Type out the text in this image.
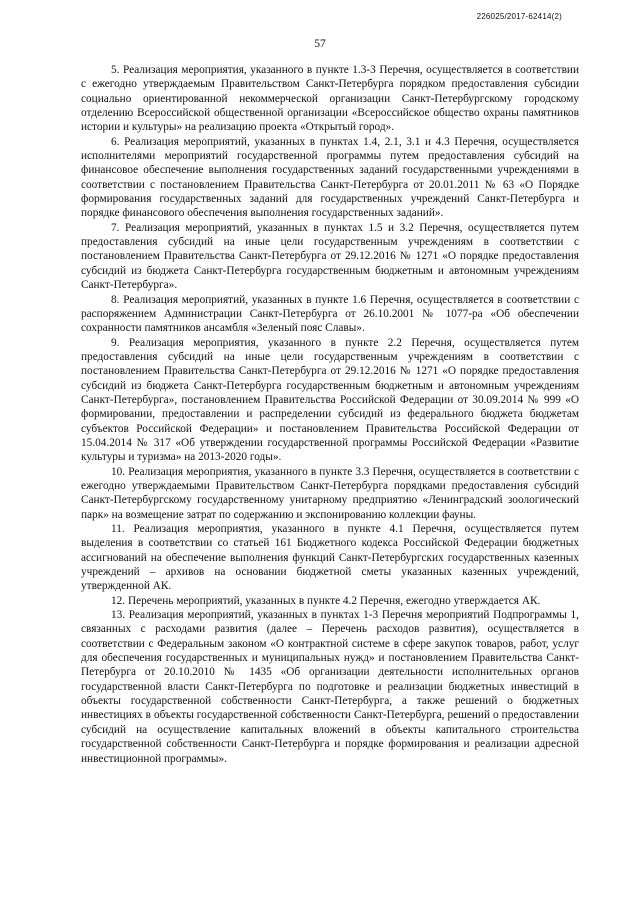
226025/2017-62414(2)
57

5. Реализация мероприятия, указанного в пункте 1.3-3 Перечня, осуществляется в соответствии с ежегодно утверждаемым Правительством Санкт-Петербурга порядком предоставления субсидии социально ориентированной некоммерческой организации Санкт-Петербургскому городскому отделению Всероссийской общественной организации «Всероссийское общество охраны памятников истории и культуры» на реализацию проекта «Открытый город».

6. Реализация мероприятий, указанных в пунктах 1.4, 2.1, 3.1 и 4.3 Перечня, осуществляется исполнителями мероприятий государственной программы путем предоставления субсидий на финансовое обеспечение выполнения государственных заданий государственными учреждениями в соответствии с постановлением Правительства Санкт-Петербурга от 20.01.2011 № 63 «О Порядке формирования государственных заданий для государственных учреждений Санкт-Петербурга и порядке финансового обеспечения выполнения государственных заданий».

7. Реализация мероприятий, указанных в пунктах 1.5 и 3.2 Перечня, осуществляется путем предоставления субсидий на иные цели государственным учреждениям в соответствии с постановлением Правительства Санкт-Петербурга от 29.12.2016 № 1271 «О порядке предоставления субсидий из бюджета Санкт-Петербурга государственным бюджетным и автономным учреждениям Санкт-Петербурга».

8. Реализация мероприятий, указанных в пункте 1.6 Перечня, осуществляется в соответствии с распоряжением Администрации Санкт-Петербурга от 26.10.2001 № 1077-ра «Об обеспечении сохранности памятников ансамбля «Зеленый пояс Славы».

9. Реализация мероприятия, указанного в пункте 2.2 Перечня, осуществляется путем предоставления субсидий на иные цели государственным учреждениям в соответствии с постановлением Правительства Санкт-Петербурга от 29.12.2016 № 1271 «О порядке предоставления субсидий из бюджета Санкт-Петербурга государственным бюджетным и автономным учреждениям Санкт-Петербурга», постановлением Правительства Российской Федерации от 30.09.2014 № 999 «О формировании, предоставлении и распределении субсидий из федерального бюджета бюджетам субъектов Российской Федерации» и постановлением Правительства Российской Федерации от 15.04.2014 № 317 «Об утверждении государственной программы Российской Федерации «Развитие культуры и туризма» на 2013-2020 годы».

10. Реализация мероприятия, указанного в пункте 3.3 Перечня, осуществляется в соответствии с ежегодно утверждаемыми Правительством Санкт-Петербурга порядками предоставления субсидий Санкт-Петербургскому государственному унитарному предприятию «Ленинградский зоологический парк» на возмещение затрат по содержанию и экспонированию коллекции фауны.

11. Реализация мероприятия, указанного в пункте 4.1 Перечня, осуществляется путем выделения в соответствии со статьей 161 Бюджетного кодекса Российской Федерации бюджетных ассигнований на обеспечение выполнения функций Санкт-Петербургских государственных казенных учреждений – архивов на основании бюджетной сметы указанных казенных учреждений, утвержденной АК.

12. Перечень мероприятий, указанных в пункте 4.2 Перечня, ежегодно утверждается АК.

13. Реализация мероприятий, указанных в пунктах 1-3 Перечня мероприятий Подпрограммы 1, связанных с расходами развития (далее – Перечень расходов развития), осуществляется в соответствии с Федеральным законом «О контрактной системе в сфере закупок товаров, работ, услуг для обеспечения государственных и муниципальных нужд» и постановлением Правительства Санкт-Петербурга от 20.10.2010 № 1435 «Об организации деятельности исполнительных органов государственной власти Санкт-Петербурга по подготовке и реализации бюджетных инвестиций в объекты государственной собственности Санкт-Петербурга, а также решений о бюджетных инвестициях в объекты государственной собственности Санкт-Петербурга, решений о предоставлении субсидий на осуществление капитальных вложений в объекты капитального строительства государственной собственности Санкт-Петербурга и порядке формирования и реализации адресной инвестиционной программы».
